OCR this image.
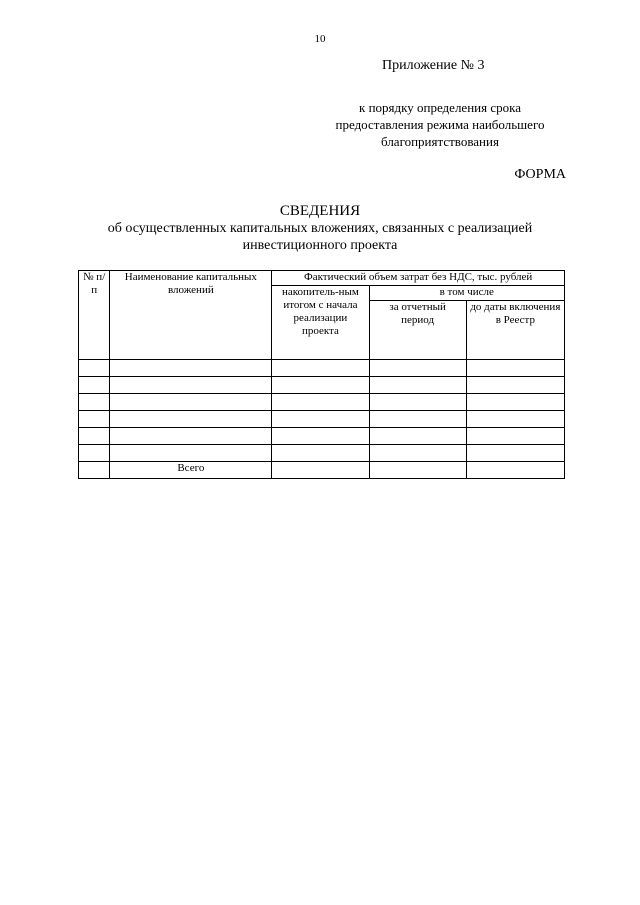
10
Приложение № 3
к порядку определения срока
предоставления режима наибольшего
благоприятствования
ФОРМА
СВЕДЕНИЯ
об осуществленных капитальных вложениях, связанных с реализацией
инвестиционного проекта
№ п/п	Наименование капитальных вложений	Фактический объем затрат без НДС, тыс. рублей		
		накопитель-ным итогом с начала реализации проекта	в том числе	
			за отчетный период	до даты включения в Реестр

	Всего			
